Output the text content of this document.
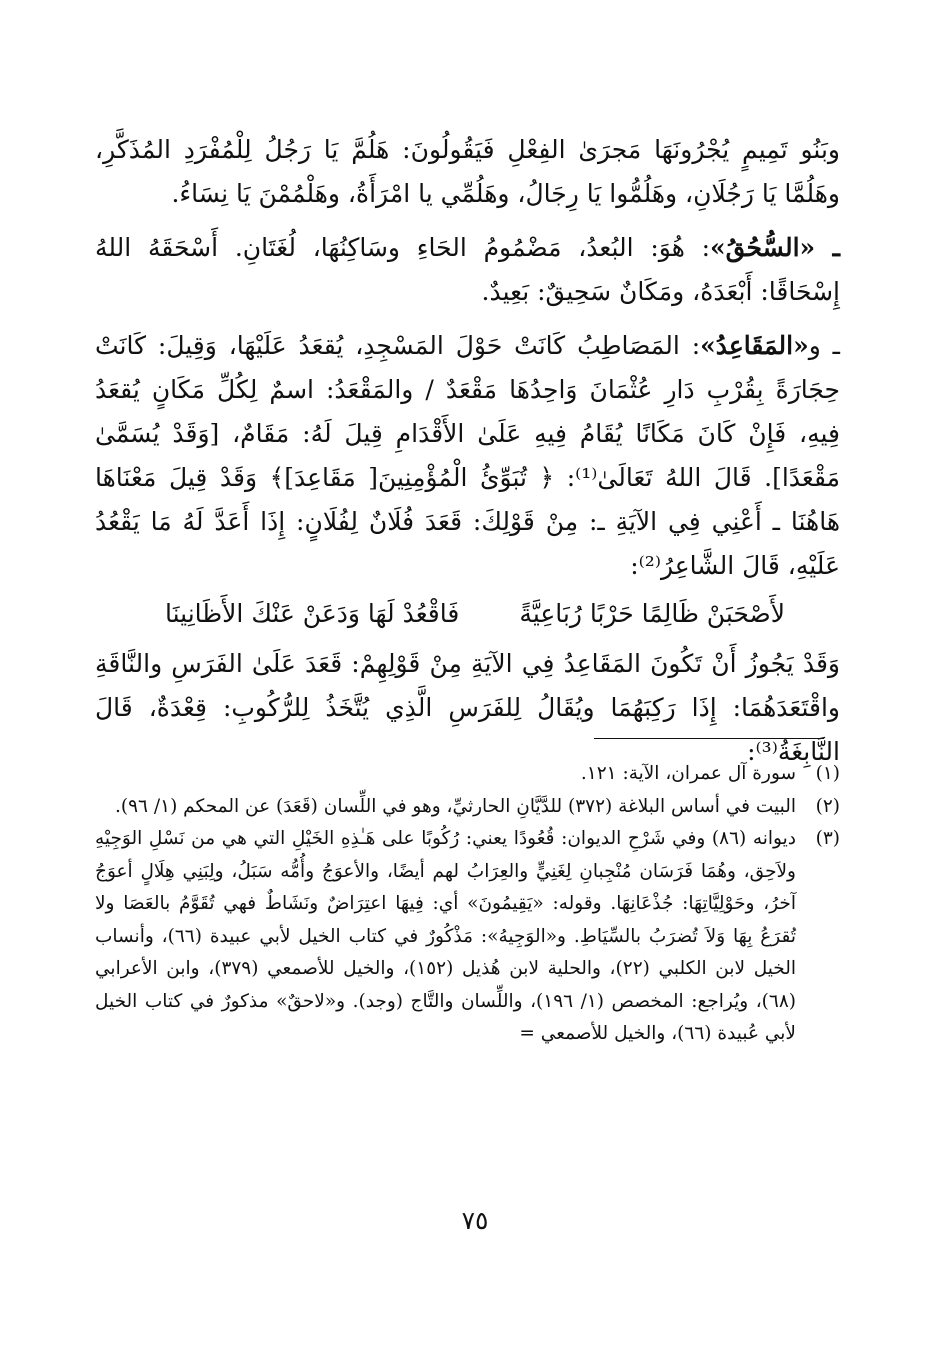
وبَنُو تَمِيمٍ يُجْرُونَهَا مَجرَىٰ الفِعْلِ فَيَقُولُونَ: هَلُمَّ يَا رَجُلُ لِلْمُفْرَدِ المُذَكَّرِ، وهَلُمَّا يَا رَجُلَانِ، وهَلُمُّوا يَا رِجَالُ، وهَلُمِّي يا امْرَأَةُ، وهَلْمُمْنَ يَا نِسَاءُ.

ـ «السُّحُقُ»: هُوَ: البُعدُ، مَضْمُومُ الحَاءِ وسَاكِنُهَا، لُغَتَانِ. أَسْحَقَهُ اللهُ إِسْحَاقًا: أَبْعَدَهُ، ومَكَانٌ سَحِيقٌ: بَعِيدٌ.

ـ و«المَقَاعِدُ»: المَصَاطِبُ كَانَتْ حَوْلَ المَسْجِدِ، يُقعَدُ عَلَيْهَا، وَقِيلَ: كَانَتْ حِجَارَةً بِقُرْبِ دَارِ عُثْمَانَ وَاحِدُهَا مَقْعَدٌ / والمَقْعَدُ: اسمٌ لِكُلِّ مَكَانٍ يُقعَدُ فِيهِ، فَإِنْ كَانَ مَكَانًا يُقَامُ فِيهِ عَلَىٰ الأَقْدَامِ قِيلَ لَهُ: مَقَامٌ، [وَقَدْ يُسَمَّىٰ مَقْعَدًا]. قَالَ اللهُ تَعَالَىٰ⁽¹⁾: ﴿ تُبَوِّئُ الْمُؤْمِنِينَ[ مَقَاعِدَ]﴾ وَقَدْ قِيلَ مَعْنَاهَا هَاهُنَا ـ أَعْنِي فِي الآيَةِ ـ: مِنْ قَوْلِكَ: قَعَدَ فُلَانٌ لِفُلَانٍ: إِذَا أَعَدَّ لَهُ مَا يَقْعُدُ عَلَيْهِ، قَالَ الشَّاعِرُ⁽²⁾:

لأَصْحَبَنْ ظَالِمًا حَرْبًا رُبَاعِيَّةً
فَاقْعُدْ لَهَا وَدَعَنْ عَنْكَ الأَظَانِينَا

وَقَدْ يَجُوزُ أَنْ تَكُونَ المَقَاعِدُ فِي الآيَةِ مِنْ قَوْلِهِمْ: قَعَدَ عَلَىٰ الفَرَسِ والنَّاقَةِ واقْتَعَدَهُمَا: إِذَا رَكِبَهُمَا ويُقَالُ لِلفَرَسِ الَّذِي يُتَّخَذُ لِلرُّكُوبِ: قِعْدَةٌ، قَالَ النَّابِغَةُ⁽³⁾:

(١)
سورة آل عمران، الآية: ١٢١.
(٢)
البيت في أساس البلاغة (٣٧٢) للدَّيَّانِ الحارثيِّ، وهو في اللِّسان (قَعَدَ) عن المحكم (١/ ٩٦).
(٣)
ديوانه (٨٦) وفي شَرْحِ الديوان: قُعُودًا يعني: رُكُوبًا على هَـٰذِهِ الخَيْلِ التي هي من نَسْلِ الوَجِيْهِ ولاَحِق، وهُمَا فَرَسَان مُنْجِبانِ لِغَنِيٍّ والعِرَابُ لهم أيضًا، والأعوَجُ وأُمُّه سَبَلُ، ولِبَنِي هِلَالٍ أعوَجُ آخرُ، وحَوْلِيَّاتِهَا: جُذْعَانِهَا. وقوله: «يَقِيمُونَ» أي: فِيهَا اعتِرَاضٌ ونَشَاطٌ فهي تُقَوَّمُ بالعَصَا ولا تُقرَعُ بِهَا وَلاَ تُضرَبُ بالسِّيَاطِ. و«الوَجِيهُ»: مَذْكُورٌ في كتاب الخيل لأبي عبيدة (٦٦)، وأنساب الخيل لابن الكلبي (٢٢)، والحلية لابن هُذيل (١٥٢)، والخيل للأصمعي (٣٧٩)، وابن الأعرابي (٦٨)، ويُراجع: المخصص (١/ ١٩٦)، واللِّسان والتَّاج (وجد). و«لاحقٌ» مذكورٌ في كتاب الخيل لأبي عُبيدة (٦٦)، والخيل للأصمعي =
٧٥
